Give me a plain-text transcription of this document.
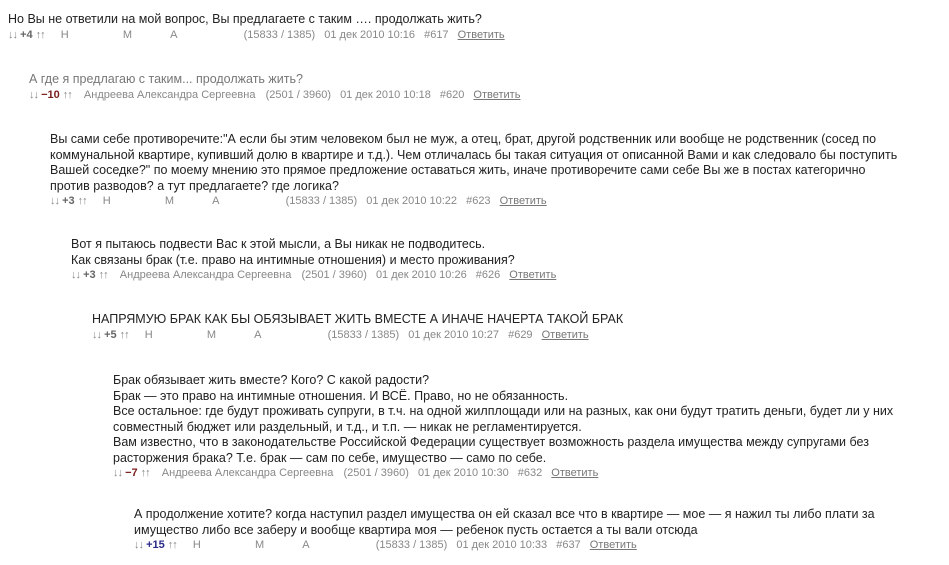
Но Вы не ответили на мой вопрос, Вы предлагаете с таким …. продолжать жить?

↓↓ +4 ↑↑ Н	М	А	(15833 / 1385) 01 дек 2010 10:16 #617 Ответить

А где я предлагаю с таким... продолжать жить?

↓↓ −10 ↑↑ Андреева Александра Сергеевна (2501 / 3960) 01 дек 2010 10:18 #620 Ответить

Вы сами себе противоречите:"А если бы этим человеком был не муж, а отец, брат, другой родственник или вообще не родственник (сосед по
коммунальной квартире, купивший долю в квартире и т.д.). Чем отличалась бы такая ситуация от описанной Вами и как следовало бы поступить
Вашей соседке?" по моему мнению это прямое предложение оставаться жить, иначе противоречите сами себе Вы же в постах категорично
против разводов? а тут предлагаете? где логика?

↓↓ +3 ↑↑ Н	М	А	(15833 / 1385) 01 дек 2010 10:22 #623 Ответить

Вот я пытаюсь подвести Вас к этой мысли, а Вы никак не подводитесь.
Как связаны брак (т.е. право на интимные отношения) и место проживания?

↓↓ +3 ↑↑ Андреева Александра Сергеевна (2501 / 3960) 01 дек 2010 10:26 #626 Ответить

НАПРЯМУЮ БРАК КАК БЫ ОБЯЗЫВАЕТ ЖИТЬ ВМЕСТЕ А ИНАЧЕ НАЧЕРТА ТАКОЙ БРАК

↓↓ +5 ↑↑ Н	М	А	(15833 / 1385) 01 дек 2010 10:27 #629 Ответить

Брак обязывает жить вместе? Кого? С какой радости?
Брак — это право на интимные отношения. И ВСЁ. Право, но не обязанность.
Все остальное: где будут проживать супруги, в т.ч. на одной жилплощади или на разных, как они будут тратить деньги, будет ли у них
совместный бюджет или раздельный, и т.д., и т.п. — никак не регламентируется.
Вам известно, что в законодательстве Российской Федерации существует возможность раздела имущества между супругами без
расторжения брака? Т.е. брак — сам по себе, имущество — само по себе.

↓↓ −7 ↑↑ Андреева Александра Сергеевна (2501 / 3960) 01 дек 2010 10:30 #632 Ответить

А продолжение хотите? когда наступил раздел имущества он ей сказал все что в квартире — мое — я нажил ты либо плати за
имущество либо все заберу и вообще квартира моя — ребенок пусть остается а ты вали отсюда

↓↓ +15 ↑↑ Н	М	А	(15833 / 1385) 01 дек 2010 10:33 #637 Ответить
